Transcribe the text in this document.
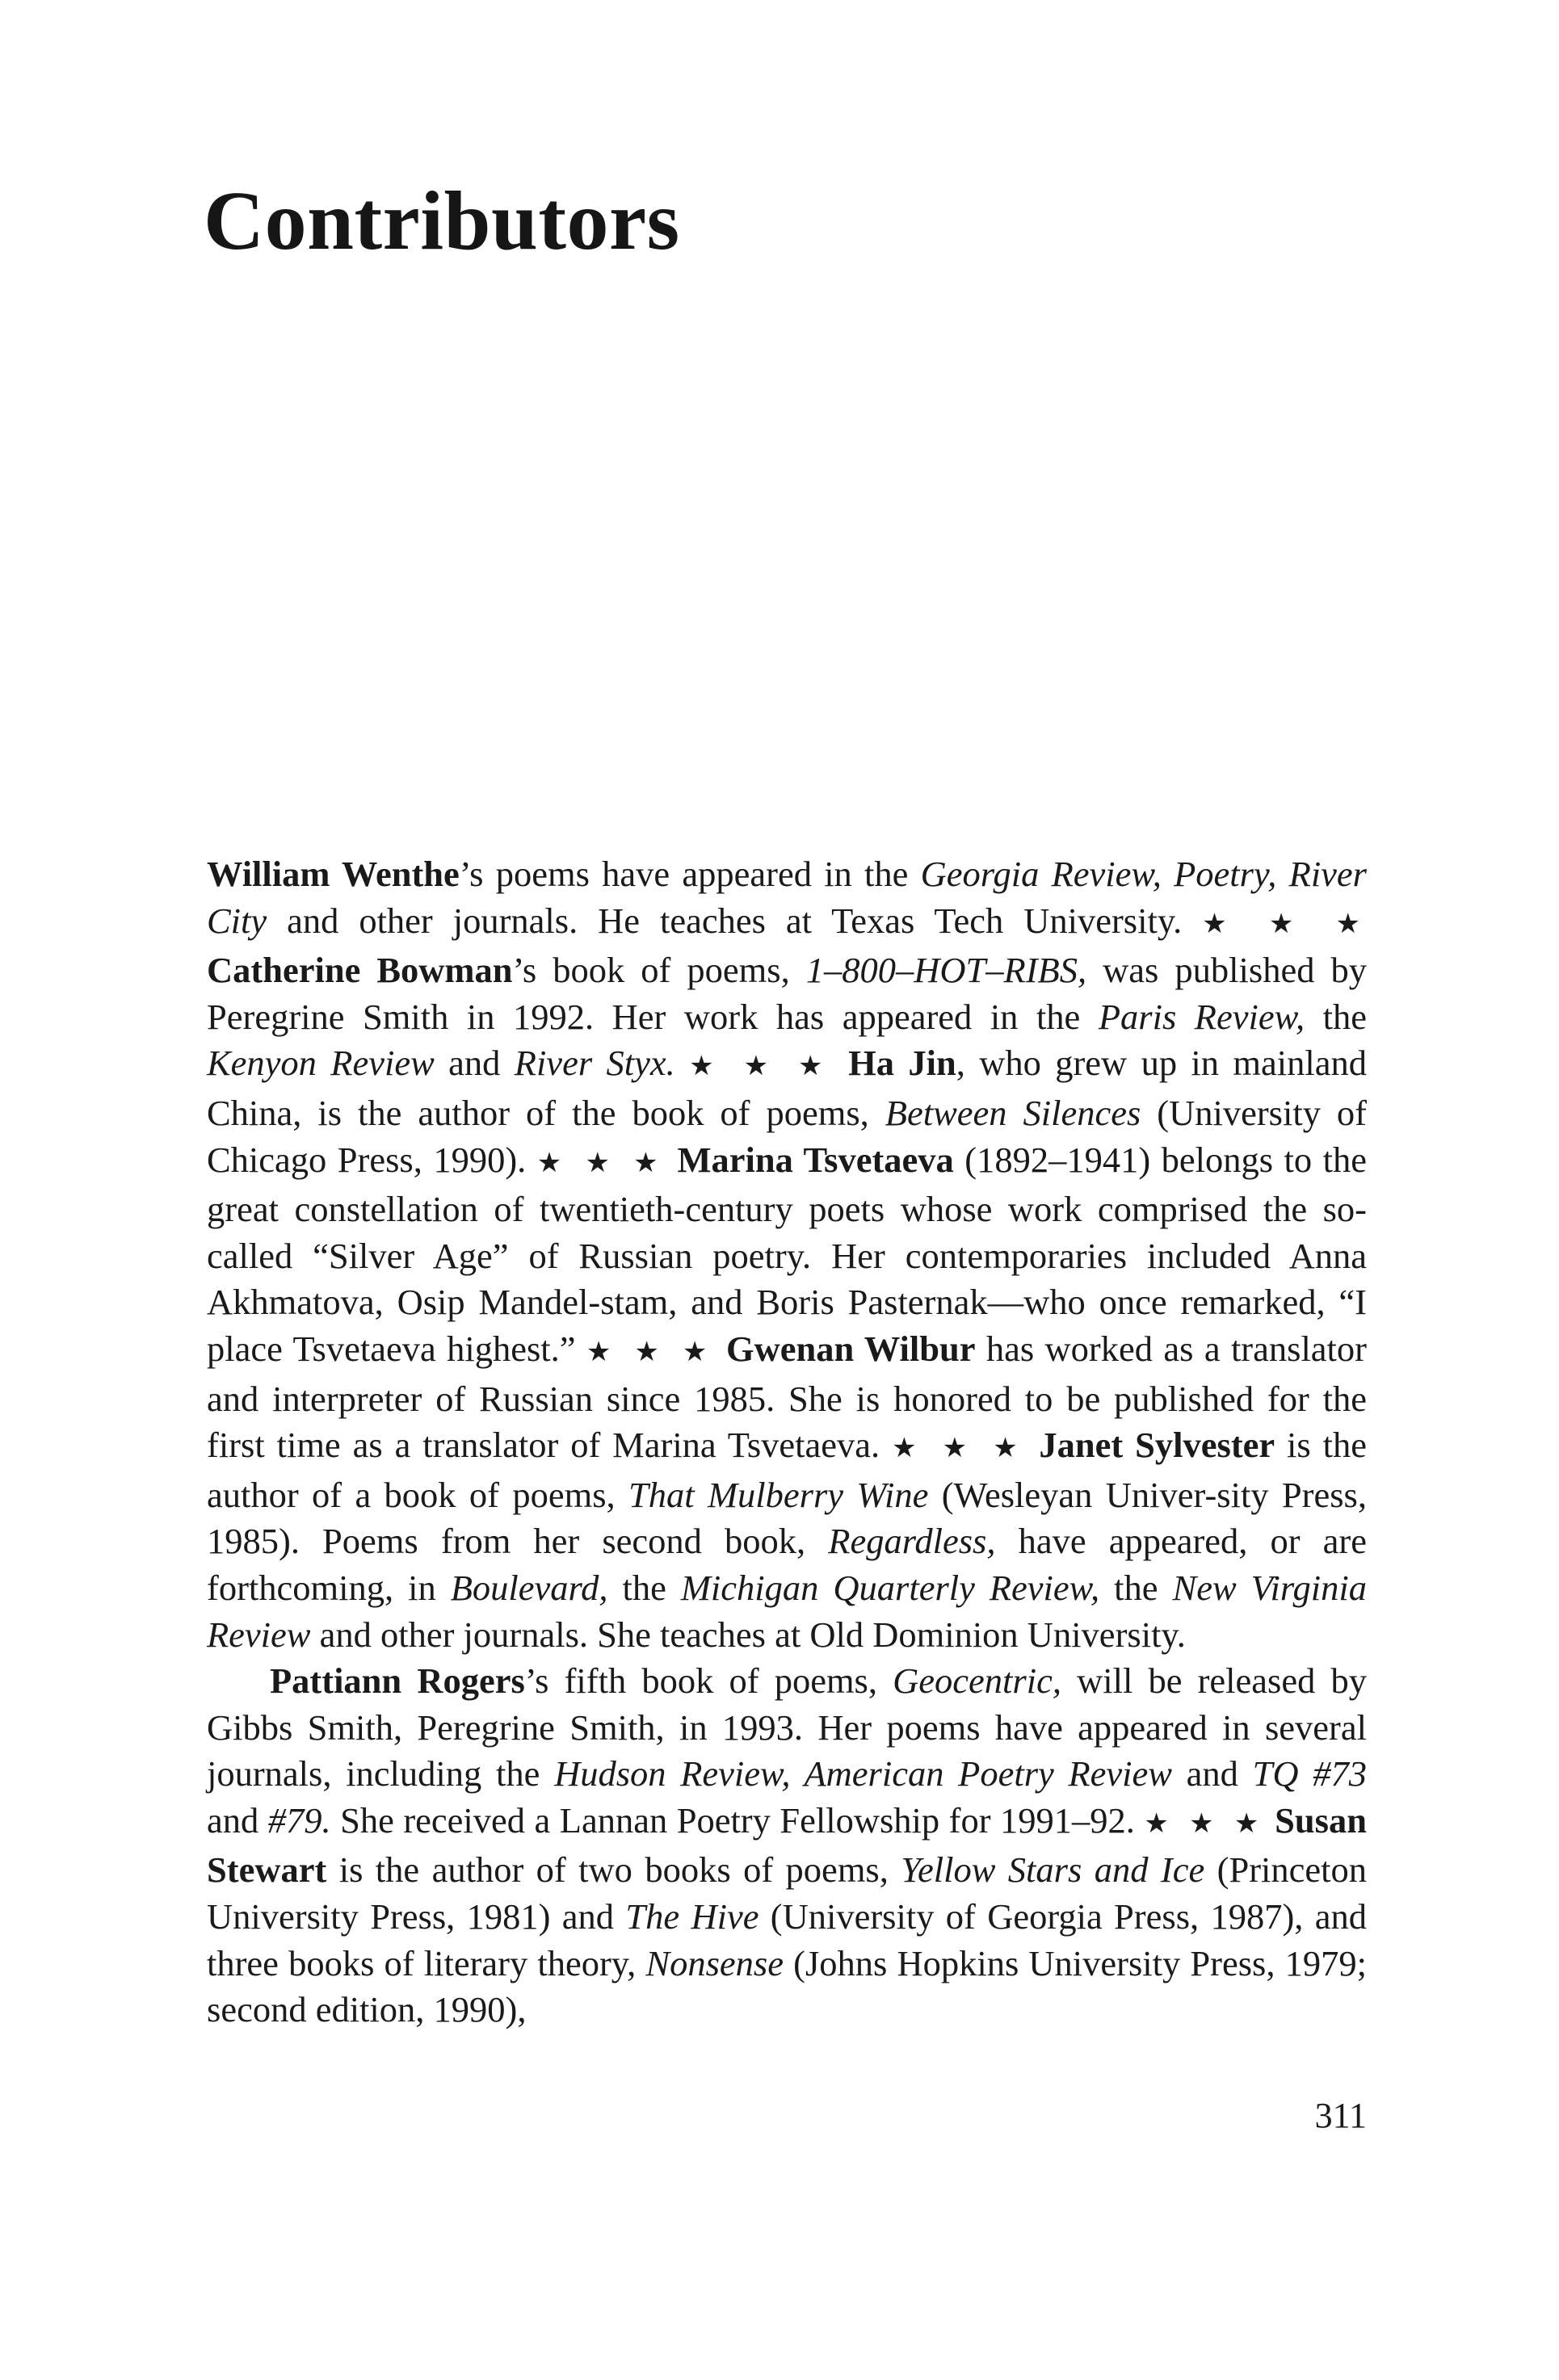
Contributors

William Wenthe’s poems have appeared in the Georgia Review, Poetry, River City and other journals. He teaches at Texas Tech University. ★ ★ ★ Catherine Bowman’s book of poems, 1–800–HOT–RIBS, was published by Peregrine Smith in 1992. Her work has appeared in the Paris Review, the Kenyon Review and River Styx. ★ ★ ★ Ha Jin, who grew up in mainland China, is the author of the book of poems, Between Silences (University of Chicago Press, 1990). ★ ★ ★ Marina Tsvetaeva (1892–1941) belongs to the great constellation of twentieth-century poets whose work comprised the so-called “Silver Age” of Russian poetry. Her contemporaries included Anna Akhmatova, Osip Mandel-stam, and Boris Pasternak—who once remarked, “I place Tsvetaeva highest.” ★ ★ ★ Gwenan Wilbur has worked as a translator and interpreter of Russian since 1985. She is honored to be published for the first time as a translator of Marina Tsvetaeva. ★ ★ ★ Janet Sylvester is the author of a book of poems, That Mulberry Wine (Wesleyan Univer-sity Press, 1985). Poems from her second book, Regardless, have appeared, or are forthcoming, in Boulevard, the Michigan Quarterly Review, the New Virginia Review and other journals. She teaches at Old Dominion University.

Pattiann Rogers’s fifth book of poems, Geocentric, will be released by Gibbs Smith, Peregrine Smith, in 1993. Her poems have appeared in several journals, including the Hudson Review, American Poetry Review and TQ #73 and #79. She received a Lannan Poetry Fellowship for 1991–92. ★ ★ ★ Susan Stewart is the author of two books of poems, Yellow Stars and Ice (Princeton University Press, 1981) and The Hive (University of Georgia Press, 1987), and three books of literary theory, Nonsense (Johns Hopkins University Press, 1979; second edition, 1990),

311
